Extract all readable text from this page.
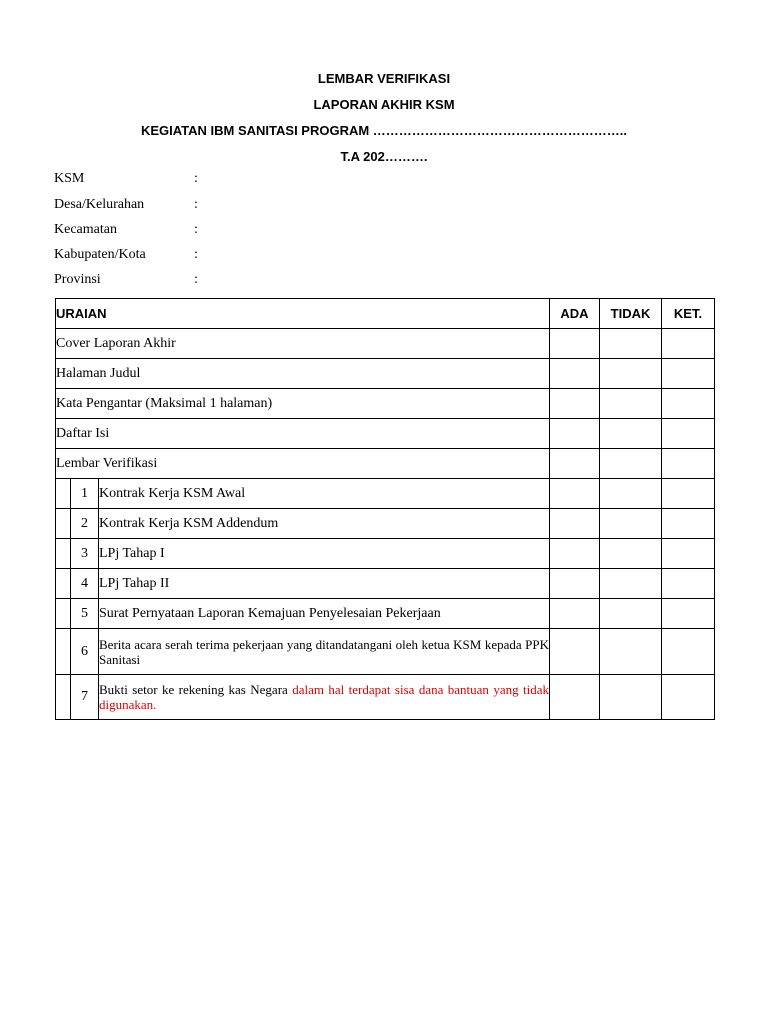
LEMBAR VERIFIKASI
LAPORAN AKHIR KSM
KEGIATAN IBM SANITASI PROGRAM …………………………………………………..
T.A 202……….
KSM	:
Desa/Kelurahan	:
Kecamatan	:
Kabupaten/Kota	:
Provinsi	:
URAIAN			ADA	TIDAK	KET.
Cover Laporan Akhir					
Halaman Judul					
Kata Pengantar (Maksimal 1 halaman)					
Daftar Isi					
Lembar Verifikasi					
	1	Kontrak Kerja KSM Awal			
	2	Kontrak Kerja KSM Addendum			
	3	LPj Tahap I			
	4	LPj Tahap II			
	5	Surat Pernyataan Laporan Kemajuan Penyelesaian Pekerjaan			
	6	Berita acara serah terima pekerjaan yang ditandatangani oleh ketua KSM kepada PPK Sanitasi			
	7	Bukti setor ke rekening kas Negara dalam hal terdapat sisa dana bantuan yang tidak digunakan.			
